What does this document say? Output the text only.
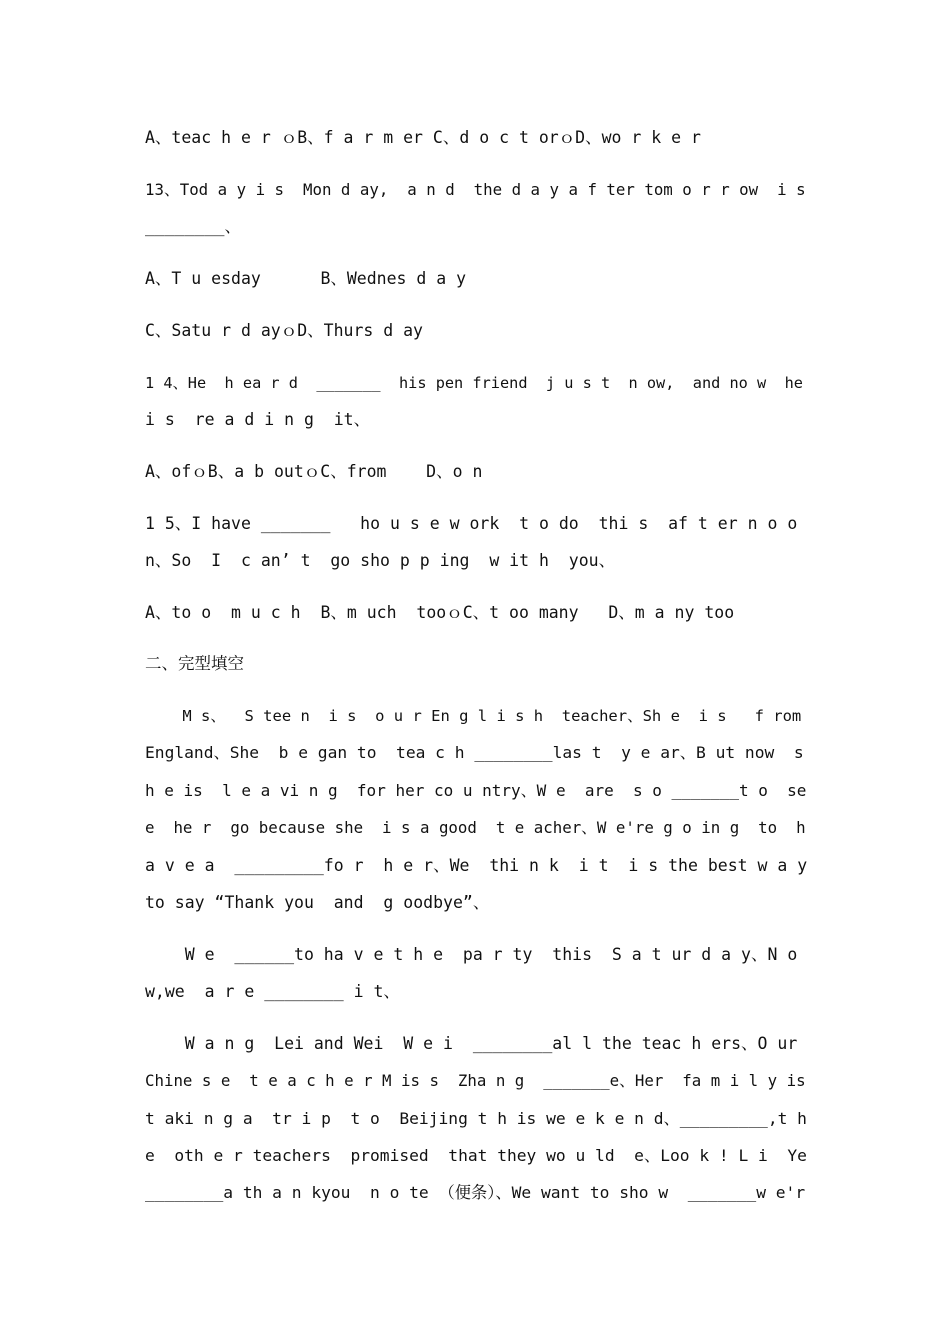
A、teac h e r ｏB、f a r m er C、d o c t orｏD、wo r k e r
13、Tod a y i s  Mon d ay,  a n d  the d a y a f ter tom o r r ow  i s
________、
A、T u esday      B、Wednes d a y
C、Satu r d ayｏD、Thurs d ay
1 4、He  h ea r d  _______  his pen friend  j u s t  n ow,  and no w  he
i s  re a d i n g  it、
A、ofｏB、a b outｏC、from    D、o n
1 5、I have _______   ho u s e w ork  t o do  thi s  af t er n o o
n、So  I  c an’ t  go sho p p ing  w it h  you、
A、to o  m u c h  B、m uch  tooｏC、t oo many   D、m a ny too
二、完型填空
M s、  S tee n  i s  o u r En g l i s h  teacher、Sh e  i s   f rom
England、She  b e gan to  tea c h ________las t  y e ar、B ut now  s
h e is  l e a vi n g  for her co u ntry、W e  are  s o _______t o  se
e  he r  go because she  i s a good  t e acher、W e're g o in g  to  h
a v e a  _________fo r  h e r、We  thi n k  i t  i s the best w a y
to say “Thank you  and  g oodbye”、
W e  ______to ha v e t h e  pa r ty  this  S a t ur d a y、N o
w,we  a r e ________ i t、
W a n g  Lei and Wei  W e i  ________al l the teac h ers、O ur
Chine s e  t e a c h e r M is s  Zha n g  _______e、Her  fa m i l y is
t aki n g a  tr i p  t o  Beijing t h is we e k e n d、_________,t h
e  oth e r teachers  promised  that they wo u ld  e、Loo k ! L i  Ye
________a th a n kyou  n o te （便条）、We want to sho w  _______w e'r
